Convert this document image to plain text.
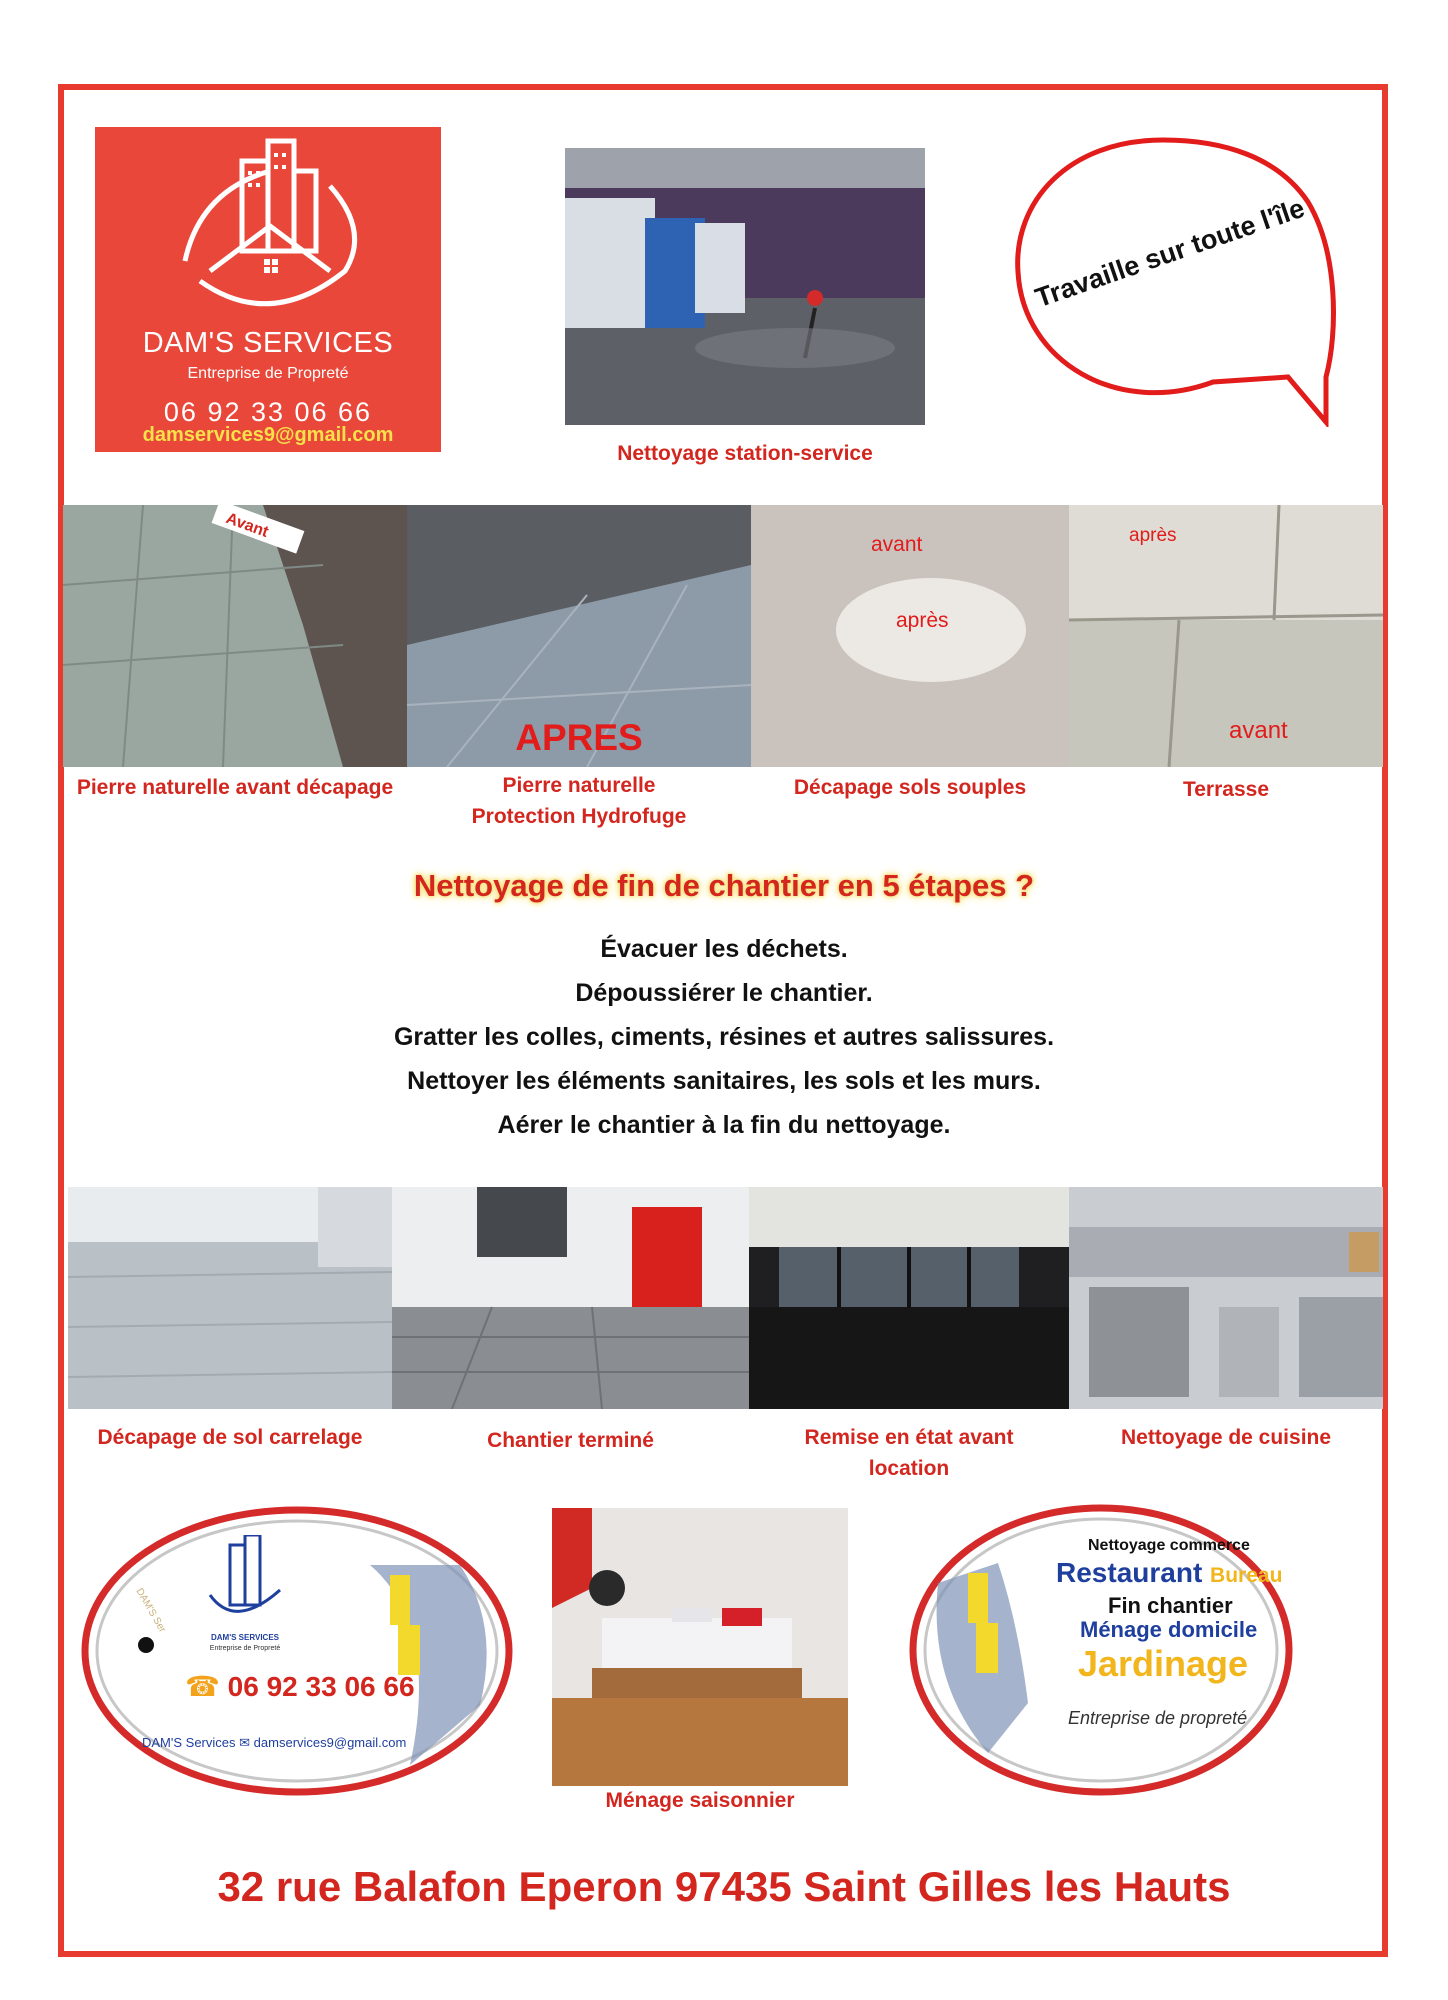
DAM'S SERVICES
Entreprise de Propreté
06 92 33 06 66
damservices9@gmail.com
Nettoyage station-service
Travaille sur toute l'île
Avant
APRES
avant
après
après
avant
Pierre naturelle avant décapage	Pierre naturelle
Protection Hydrofuge
Décapage sols souples	Terrasse
Nettoyage de fin de chantier en 5 étapes ?
Évacuer les déchets.
Dépoussiérer le chantier.
Gratter les colles, ciments, résines et autres salissures.
Nettoyer les éléments sanitaires, les sols et les murs.
Aérer le chantier à la fin du nettoyage.
Décapage de sol carrelage	Chantier terminé	Remise en état avant
location
Nettoyage de cuisine
DAM'S SERVICES
Entreprise de Propreté
☎ 06 92 33 06 66
DAM'S Services ✉ damservices9@gmail.com
DAM'S Ser
Ménage saisonnier
Nettoyage commerce
Restaurant Bureau
Fin chantier
Ménage domicile
Jardinage
Entreprise de propreté
32 rue Balafon Eperon 97435 Saint Gilles les Hauts
